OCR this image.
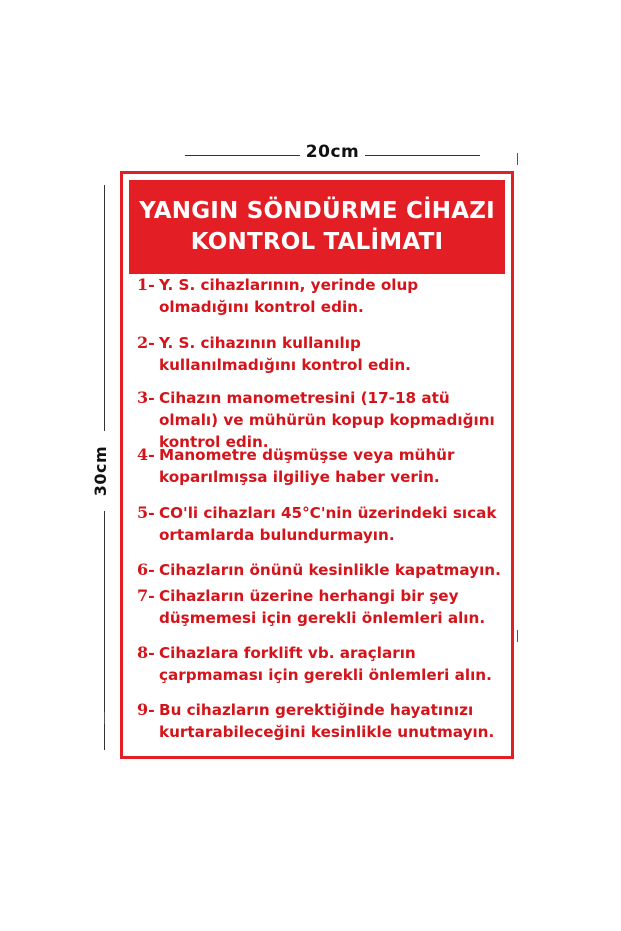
20cm
30cm
YANGIN SÖNDÜRME CİHAZI
KONTROL TALİMATI
1- Y. S. cihazlarının, yerinde olup olmadığını kontrol edin.
2- Y. S. cihazının kullanılıp kullanılmadığını kontrol edin.
3- Cihazın manometresini (17-18 atü olmalı) ve mühürün kopup kopmadığını kontrol edin.
4- Manometre düşmüşse veya mühür koparılmışsa ilgiliye haber verin.
5- CO'li cihazları 45°C'nin üzerindeki sıcak ortamlarda bulundurmayın.
6- Cihazların önünü kesinlikle kapatmayın.
7- Cihazların üzerine herhangi bir şey düşmemesi için gerekli önlemleri alın.
8- Cihazlara forklift vb. araçların çarpmaması için gerekli önlemleri alın.
9- Bu cihazların gerektiğinde hayatınızı kurtarabileceğini kesinlikle unutmayın.
